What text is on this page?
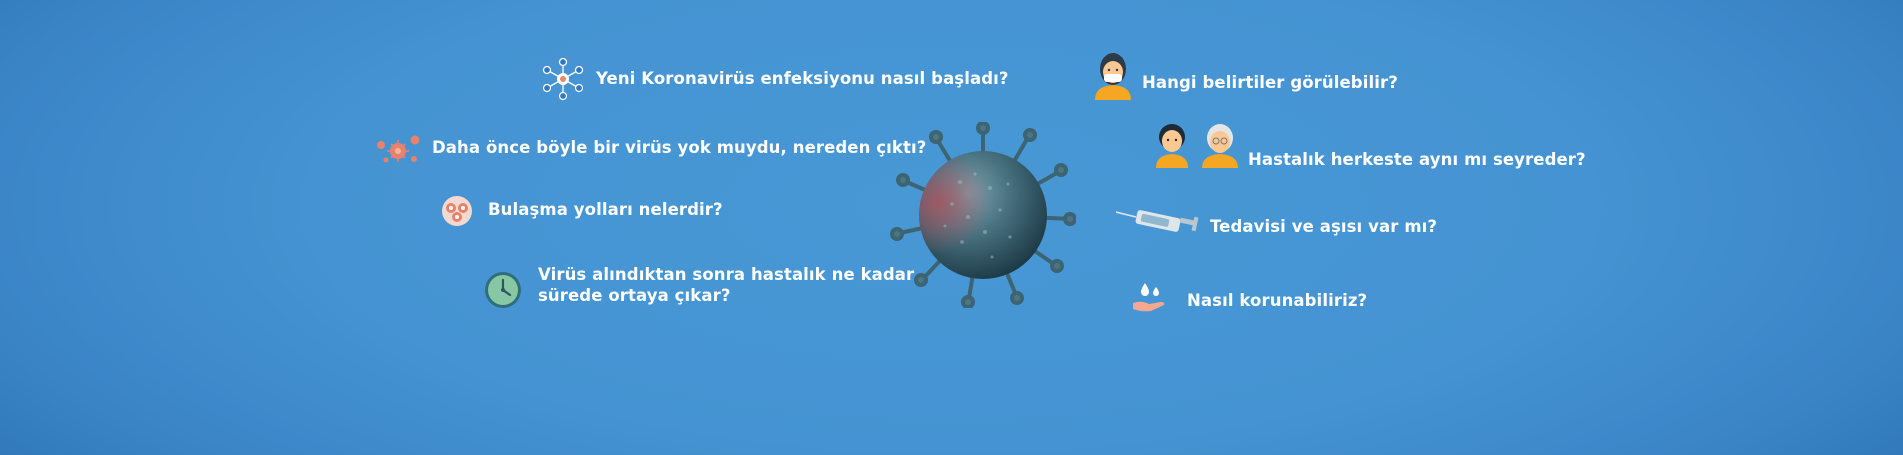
Yeni Koronavirüs enfeksiyonu nasıl başladı?
Daha önce böyle bir virüs yok muydu, nereden çıktı?
Bulaşma yolları nelerdir?
Virüs alındıktan sonra hastalık ne kadar
sürede ortaya çıkar?
Hangi belirtiler görülebilir?
Hastalık herkeste aynı mı seyreder?
Tedavisi ve aşısı var mı?
Nasıl korunabiliriz?
